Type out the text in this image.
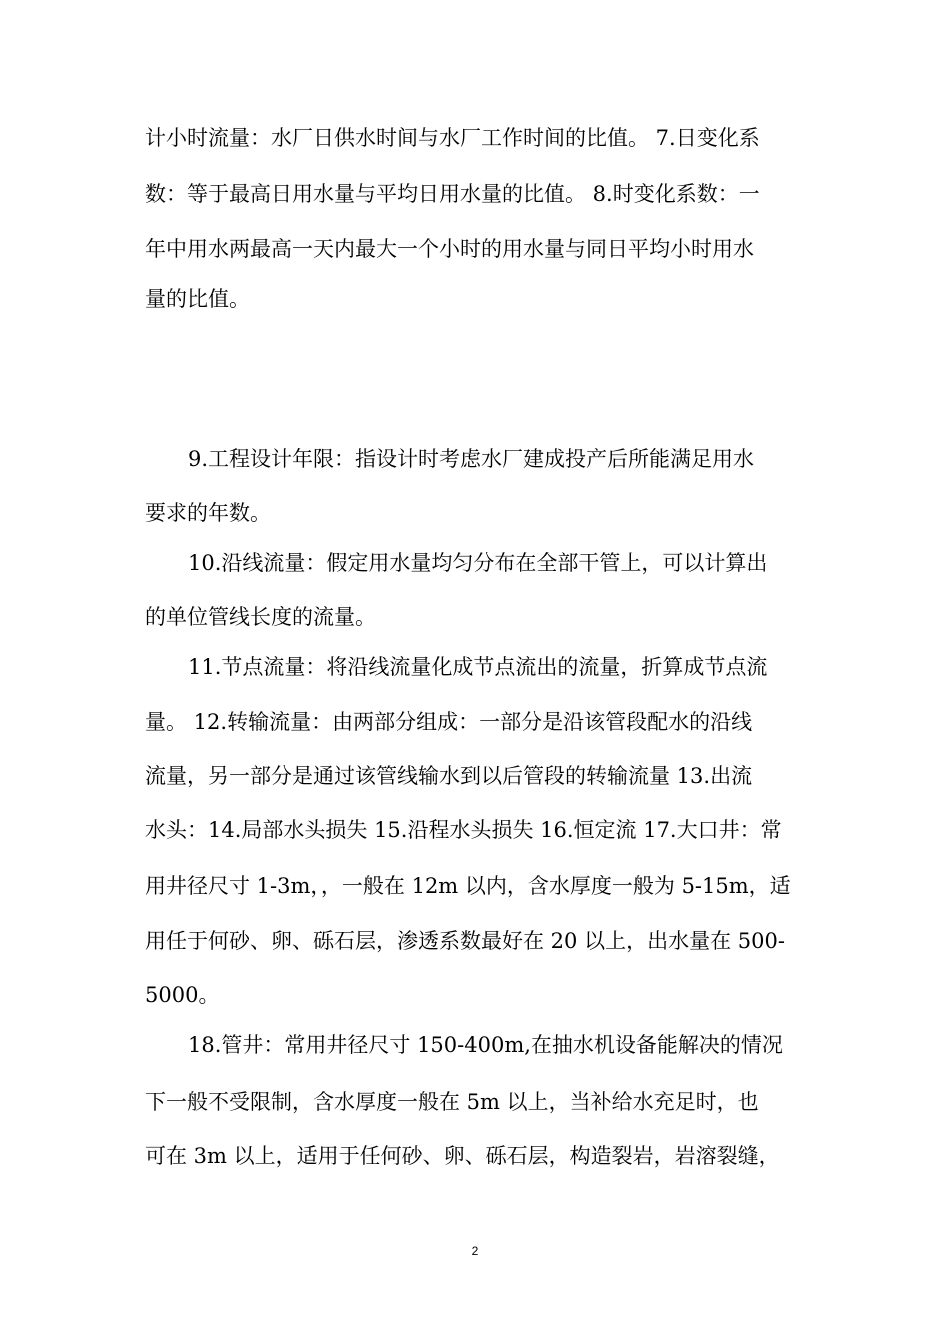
计小时流量：水厂日供水时间与水厂工作时间的比值。 7.日变化系
数：等于最高日用水量与平均日用水量的比值。 8.时变化系数：一
年中用水两最高一天内最大一个小时的用水量与同日平均小时用水
量的比值。
9.工程设计年限：指设计时考虑水厂建成投产后所能满足用水
要求的年数。
10.沿线流量：假定用水量均匀分布在全部干管上，可以计算出
的单位管线长度的流量。
11.节点流量：将沿线流量化成节点流出的流量，折算成节点流
量。 12.转输流量：由两部分组成：一部分是沿该管段配水的沿线
流量，另一部分是通过该管线输水到以后管段的转输流量 13.出流
水头：14.局部水头损失 15.沿程水头损失 16.恒定流 17.大口井：常
用井径尺寸 1-3m，，一般在 12m 以内，含水厚度一般为 5-15m，适
用任于何砂、卵、砾石层，渗透系数最好在 20 以上，出水量在 500-
5000。
18.管井：常用井径尺寸 150-400m,在抽水机设备能解决的情况
下一般不受限制，含水厚度一般在 5m 以上，当补给水充足时，也
可在 3m 以上，适用于任何砂、卵、砾石层，构造裂岩，岩溶裂缝，
2
